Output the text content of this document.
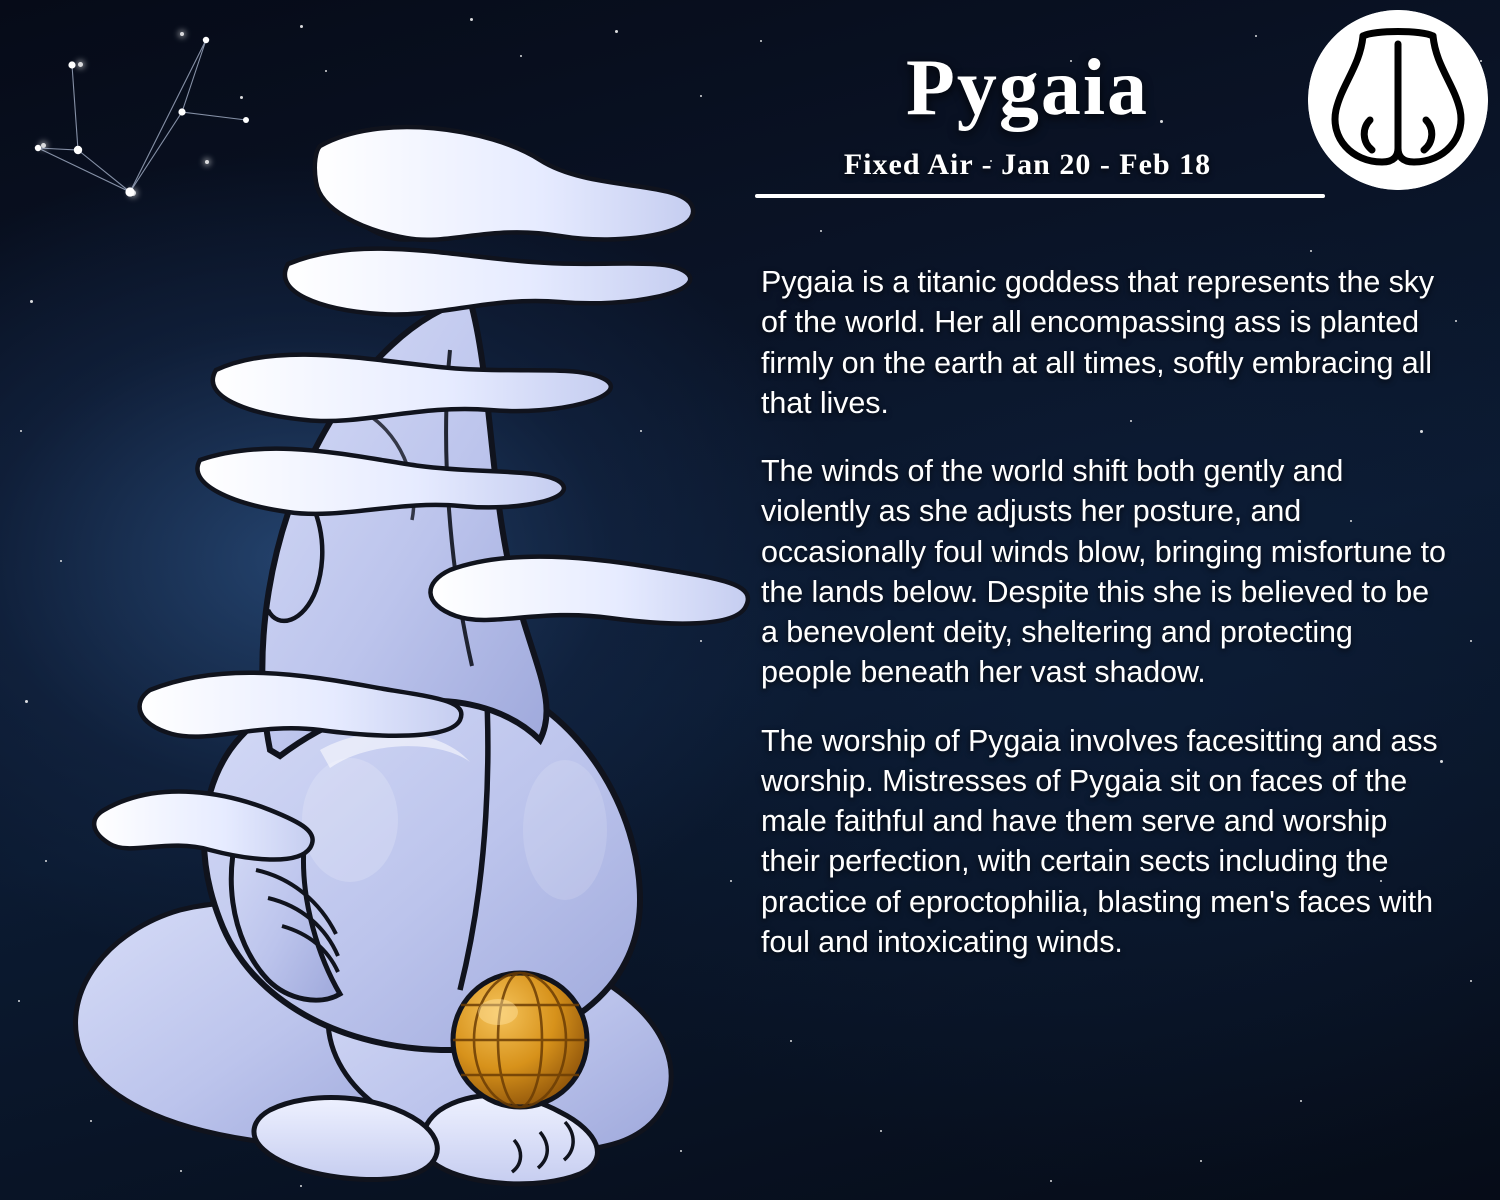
Pygaia
Fixed Air - Jan 20 - Feb 18

Pygaia is a titanic goddess that represents the sky of the world. Her all encompassing ass is planted firmly on the earth at all times, softly embracing all that lives.

The winds of the world shift both gently and violently as she adjusts her posture, and occasionally foul winds blow, bringing misfortune to the lands below. Despite this she is believed to be a benevolent deity, sheltering and protecting people beneath her vast shadow.

The worship of Pygaia involves facesitting and ass worship. Mistresses of Pygaia sit on faces of the male faithful and have them serve and worship their perfection, with certain sects including the practice of eproctophilia, blasting men's faces with foul and intoxicating winds.
